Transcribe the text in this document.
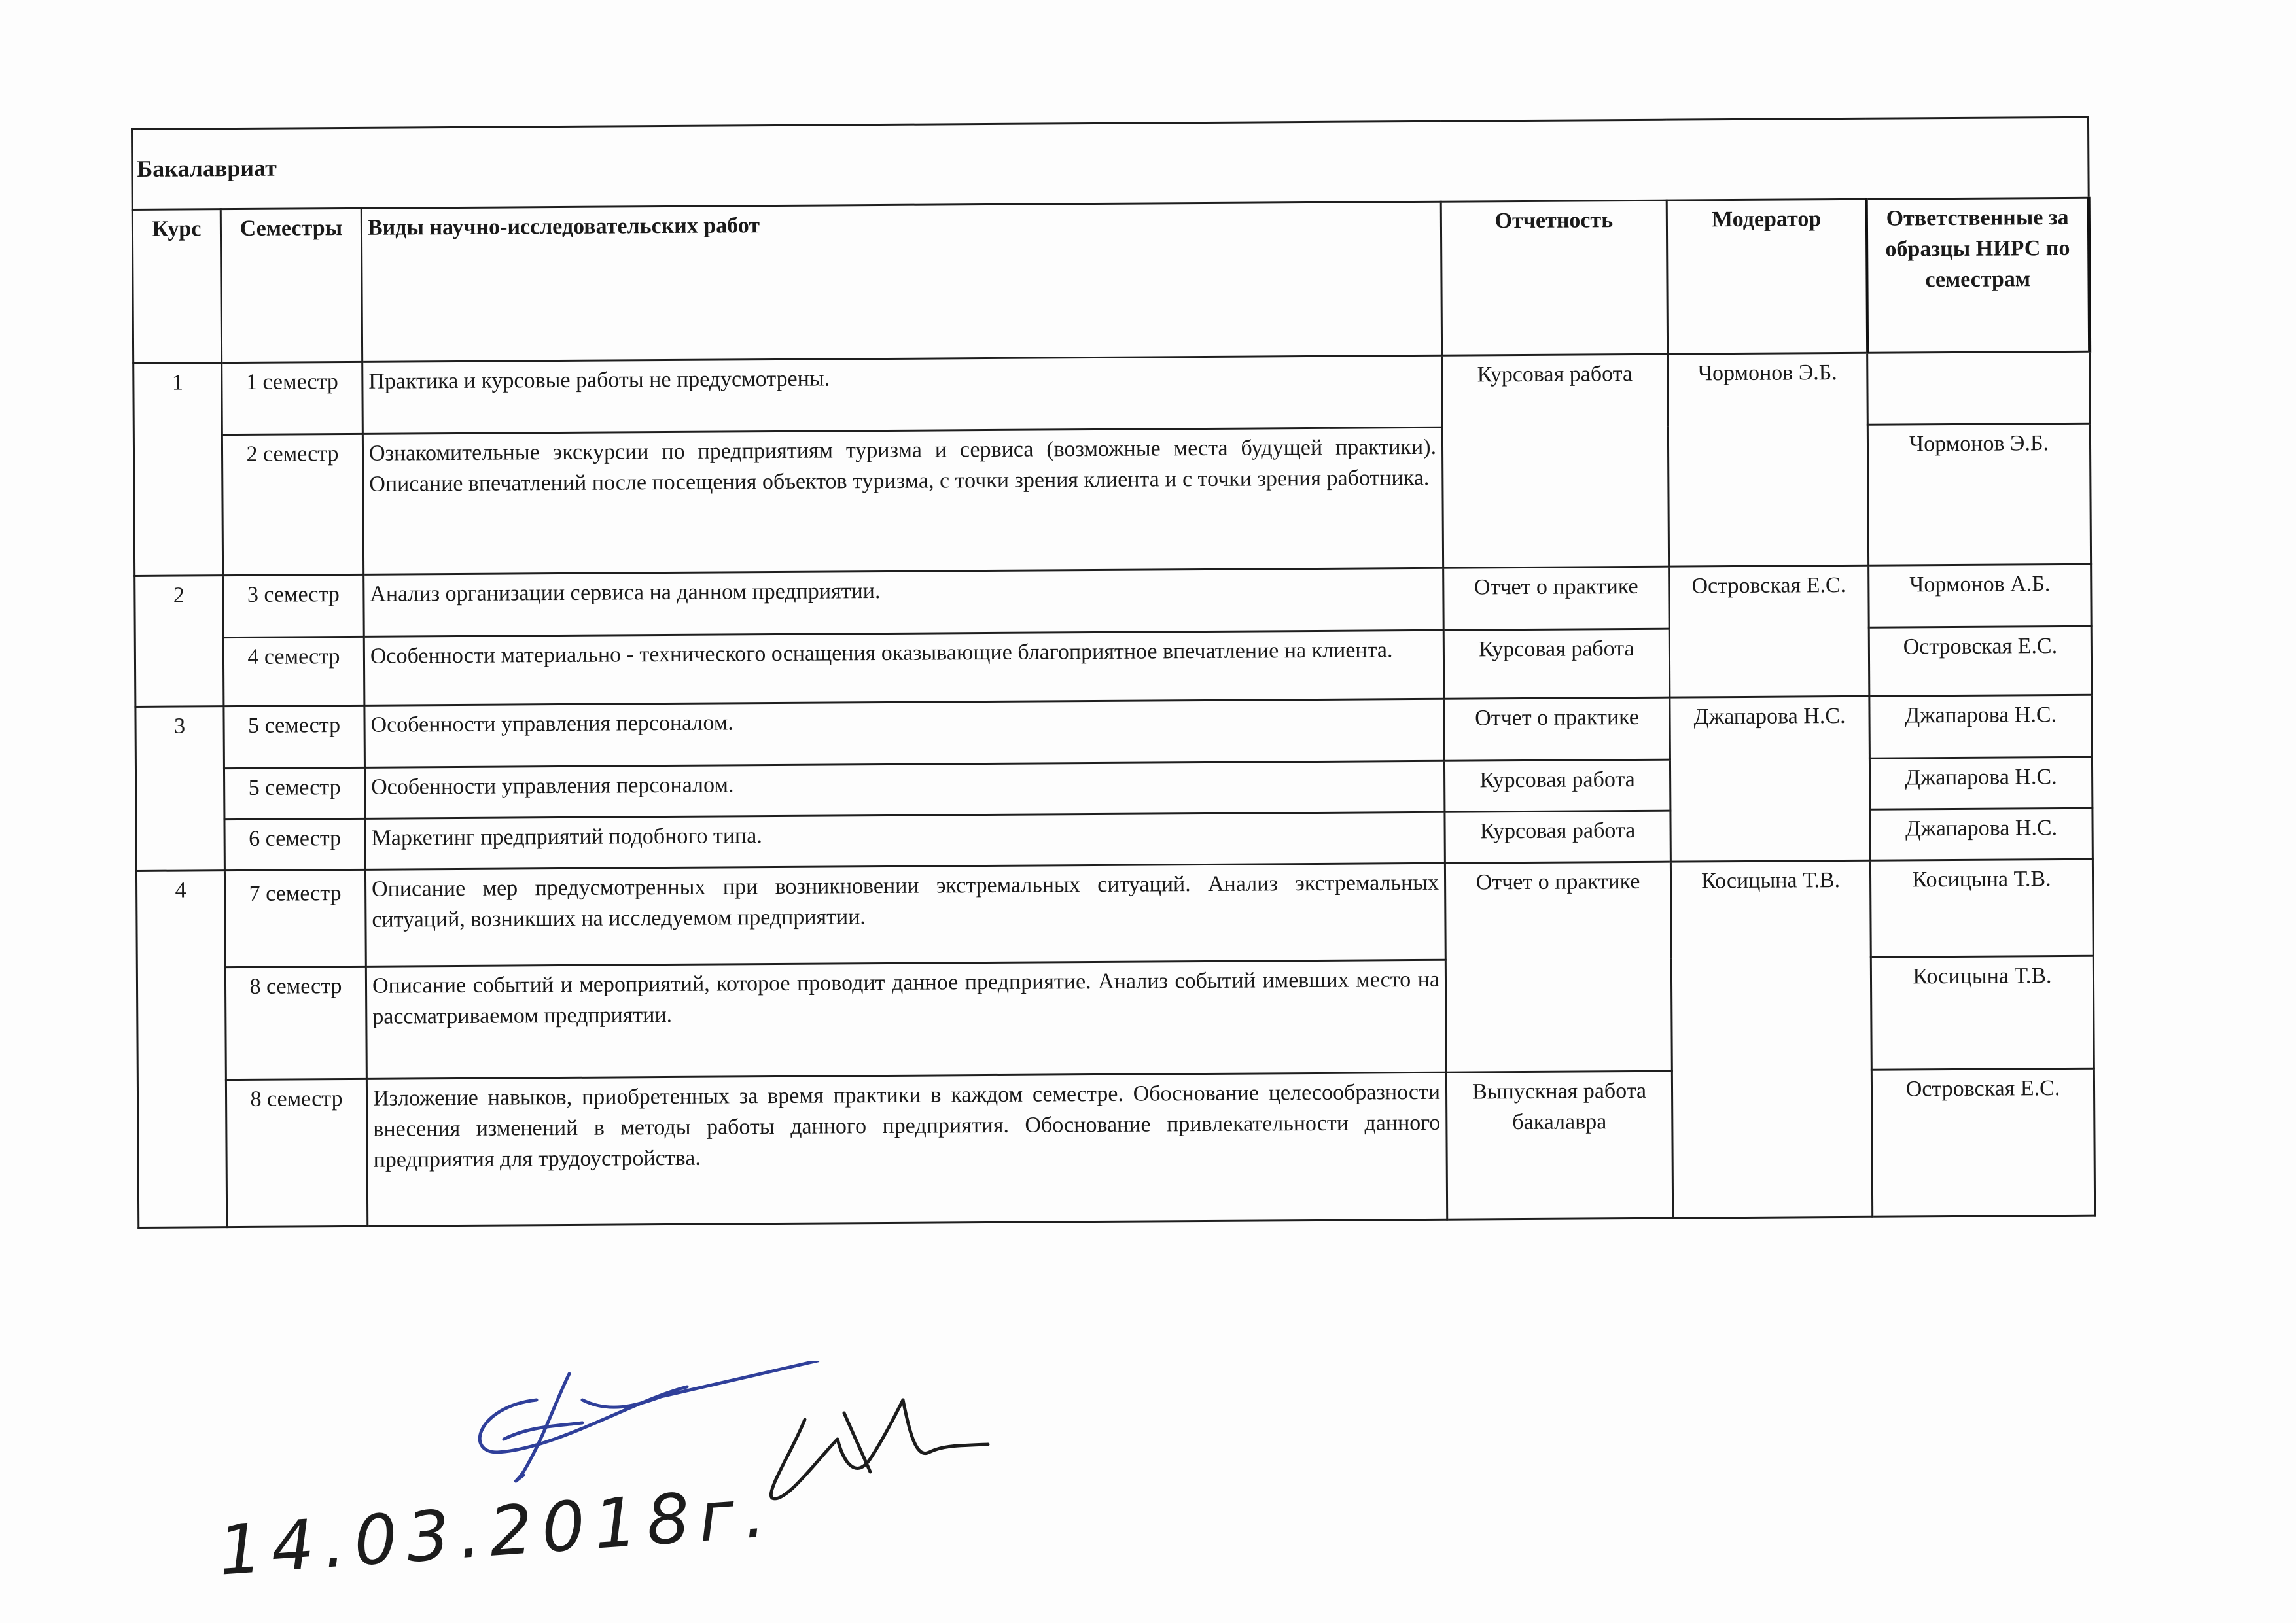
Бакалавриат					
Курс	Семестры	Виды научно-исследовательских работ	Отчетность	Модератор	Ответственные за образцы НИРС по семестрам
1	1 семестр	Практика и курсовые работы не предусмотрены.	Курсовая работа	Чормонов Э.Б.	
	2 семестр	Ознакомительные экскурсии по предприятиям туризма и сервиса (возможные места будущей практики). Описание впечатлений после посещения объектов туризма, с точки зрения клиента и с точки зрения работника.			Чормонов Э.Б.
2	3 семестр	Анализ организации сервиса на данном предприятии.	Отчет о практике	Островская Е.С.	Чормонов А.Б.
	4 семестр	Особенности материально - технического оснащения оказывающие благоприятное впечатление на клиента.	Курсовая работа		Островская Е.С.
3	5 семестр	Особенности управления персоналом.	Отчет о практике	Джапарова Н.С.	Джапарова Н.С.
	5 семестр	Особенности управления персоналом.	Курсовая работа		Джапарова Н.С.
	6 семестр	Маркетинг предприятий подобного типа.	Курсовая работа		Джапарова Н.С.
4	7 семестр	Описание мер предусмотренных при возникновении экстремальных ситуаций. Анализ экстремальных ситуаций, возникших на исследуемом предприятии.	Отчет о практике	Косицына Т.В.	Косицына Т.В.
	8 семестр	Описание событий и мероприятий, которое проводит данное предприятие. Анализ событий имевших место на рассматриваемом предприятии.			Косицына Т.В.
	8 семестр	Изложение навыков, приобретенных за время практики в каждом семестре. Обоснование целесообразности внесения изменений в методы работы данного предприятия. Обоснование привлекательности данного предприятия для трудоустройства.	Выпускная работа бакалавра		Островская Е.С.
14.03.2018г.
